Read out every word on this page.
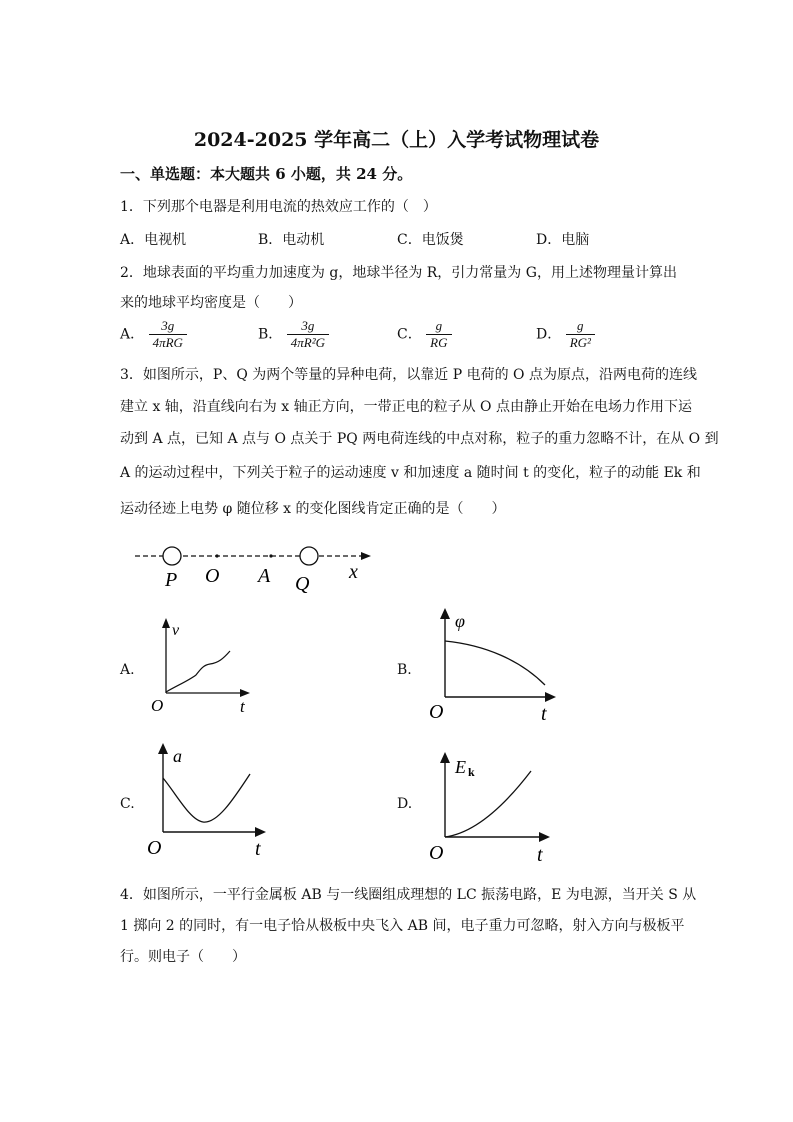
2024-2025 学年高二（上）入学考试物理试卷
一、单选题：本大题共 6 小题，共 24 分。
1．下列那个电器是利用电流的热效应工作的（　）
A．电视机	B．电动机	C．电饭煲	D．电脑
2．地球表面的平均重力加速度为 g，地球半径为 R，引力常量为 G，用上述物理量计算出
来的地球平均密度是（　　）
A． $\frac{3g}{\text{4πRG}}$	B． $\frac{3g}{\text{4πR²G}}$	C． $\frac{g}{RG}$	D． $\frac{g}{\text{RG²}}$
3．如图所示，P、Q 为两个等量的异种电荷，以靠近 P 电荷的 O 点为原点，沿两电荷的连线
建立 x 轴，沿直线向右为 x 轴正方向，一带正电的粒子从 O 点由静止开始在电场力作用下运
动到 A 点，已知 A 点与 O 点关于 PQ 两电荷连线的中点对称，粒子的重力忽略不计，在从 O 到
A 的运动过程中，下列关于粒子的运动速度 v 和加速度 a 随时间 t 的变化，粒子的动能 Ek 和
运动径迹上电势 φ 随位移 x 的变化图线肯定正确的是（　　）
P O A Q
x
A.
v
O	t
B.
φ
O	t
C.
a
O	t
D.
E k
O	t
4．如图所示，一平行金属板 AB 与一线圈组成理想的 LC 振荡电路，E 为电源，当开关 S 从
1 掷向 2 的同时，有一电子恰从极板中央飞入 AB 间，电子重力可忽略，射入方向与极板平
行。则电子（　　）
